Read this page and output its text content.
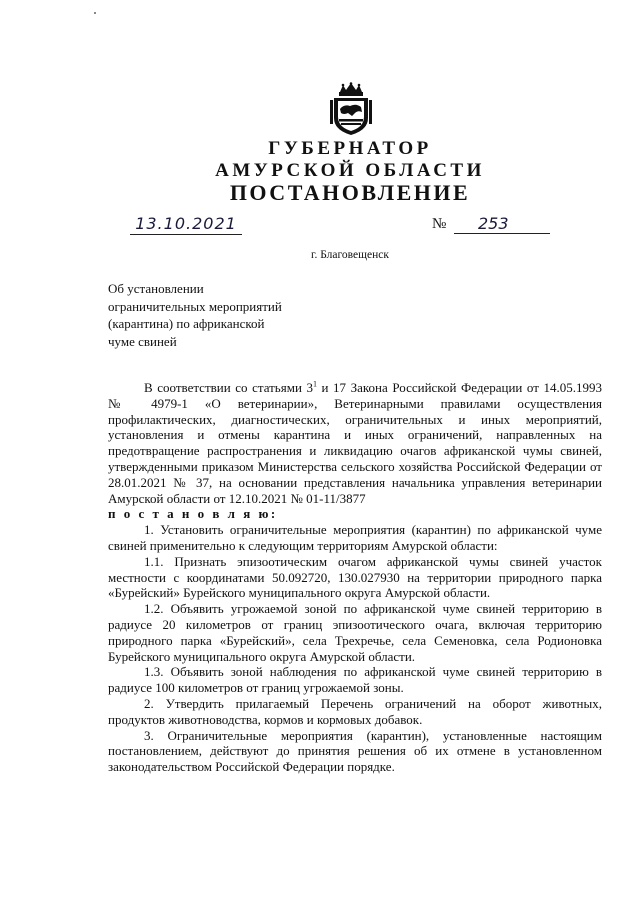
ГУБЕРНАТОР
АМУРСКОЙ ОБЛАСТИ
ПОСТАНОВЛЕНИЕ
13.10.2021	№	253
г. Благовещенск
Об установлении
ограничительных мероприятий
(карантина) по африканской
чуме свиней

В соответствии со статьями $3^1$ и 17 Закона Российской Федерации от 14.05.1993 № 4979-1 «О ветеринарии», Ветеринарными правилами осуществления профилактических, диагностических, ограничительных и иных мероприятий, установления и отмены карантина и иных ограничений, направленных на предотвращение распространения и ликвидацию очагов африканской чумы свиней, утвержденными приказом Министерства сельского хозяйства Российской Федерации от 28.01.2021 № 37, на основании представления начальника управления ветеринарии Амурской области от 12.10.2021 № 01-11/3877

п о с т а н о в л я ю:

1. Установить ограничительные мероприятия (карантин) по африканской чуме свиней применительно к следующим территориям Амурской области:

1.1. Признать эпизоотическим очагом африканской чумы свиней участок местности с координатами 50.092720, 130.027930 на территории природного парка «Бурейский» Бурейского муниципального округа Амурской области.

1.2. Объявить угрожаемой зоной по африканской чуме свиней территорию в радиусе 20 километров от границ эпизоотического очага, включая территорию природного парка «Бурейский», села Трехречье, села Семеновка, села Родионовка Бурейского муниципального округа Амурской области.

1.3. Объявить зоной наблюдения по африканской чуме свиней территорию в радиусе 100 километров от границ угрожаемой зоны.

2. Утвердить прилагаемый Перечень ограничений на оборот животных, продуктов животноводства, кормов и кормовых добавок.

3. Ограничительные мероприятия (карантин), установленные настоящим постановлением, действуют до принятия решения об их отмене в установленном законодательством Российской Федерации порядке.
